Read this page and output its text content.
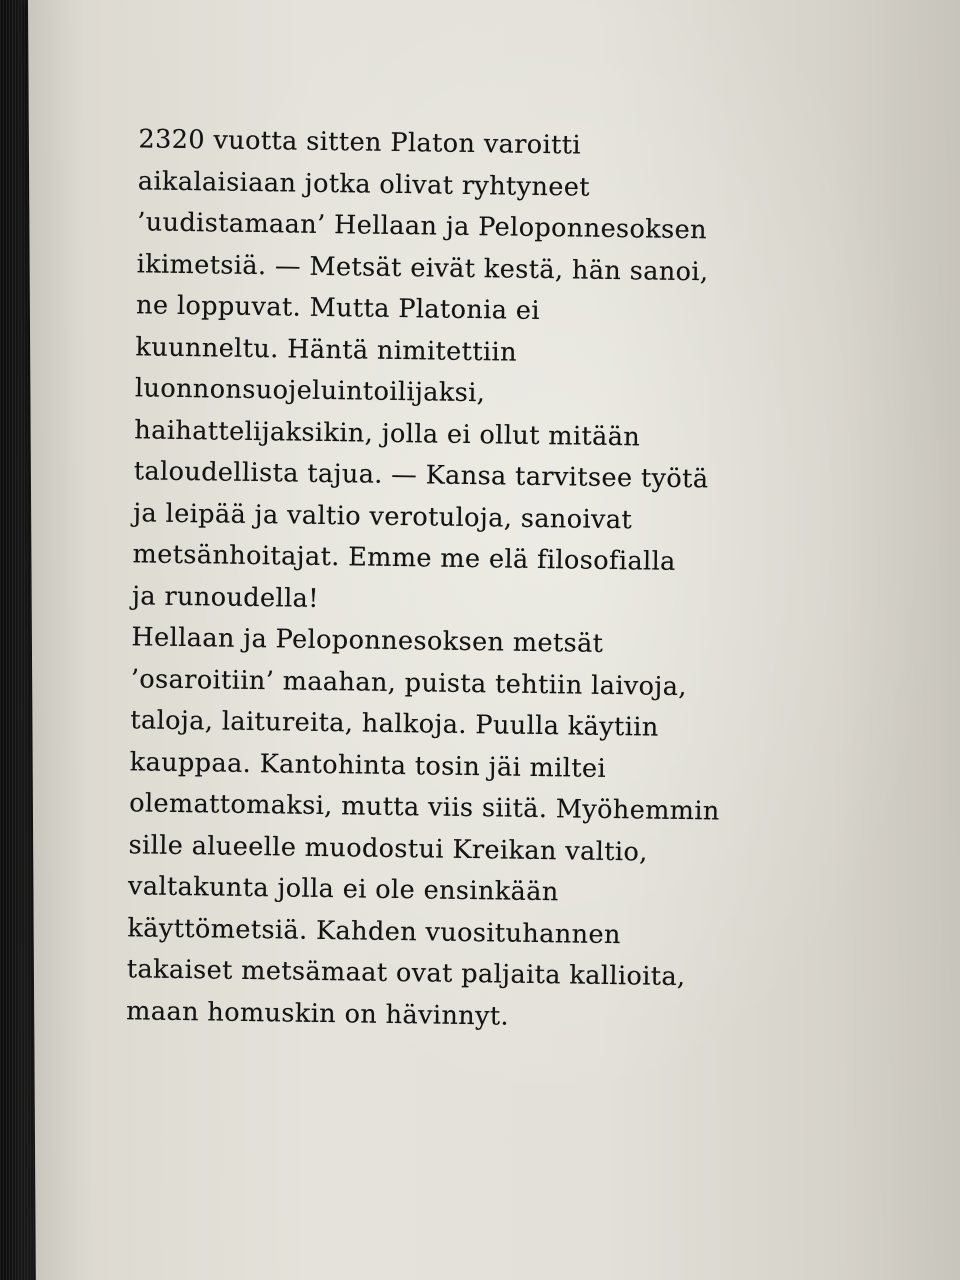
2320 vuotta sitten Platon varoitti
aikalaisiaan jotka olivat ryhtyneet
’uudistamaan’ Hellaan ja Peloponnesoksen
ikimetsiä. — Metsät eivät kestä, hän sanoi,
ne loppuvat. Mutta Platonia ei
kuunneltu. Häntä nimitettiin
luonnonsuojeluintoilijaksi,
haihattelijaksikin, jolla ei ollut mitään
taloudellista tajua. — Kansa tarvitsee työtä
ja leipää ja valtio verotuloja, sanoivat
metsänhoitajat. Emme me elä filosofialla
ja runoudella!
Hellaan ja Peloponnesoksen metsät
’osaroitiin’ maahan, puista tehtiin laivoja,
taloja, laitureita, halkoja. Puulla käytiin
kauppaa. Kantohinta tosin jäi miltei
olemattomaksi, mutta viis siitä. Myöhemmin
sille alueelle muodostui Kreikan valtio,
valtakunta jolla ei ole ensinkään
käyttömetsiä. Kahden vuosituhannen
takaiset metsämaat ovat paljaita kallioita,
maan homuskin on hävinnyt.
